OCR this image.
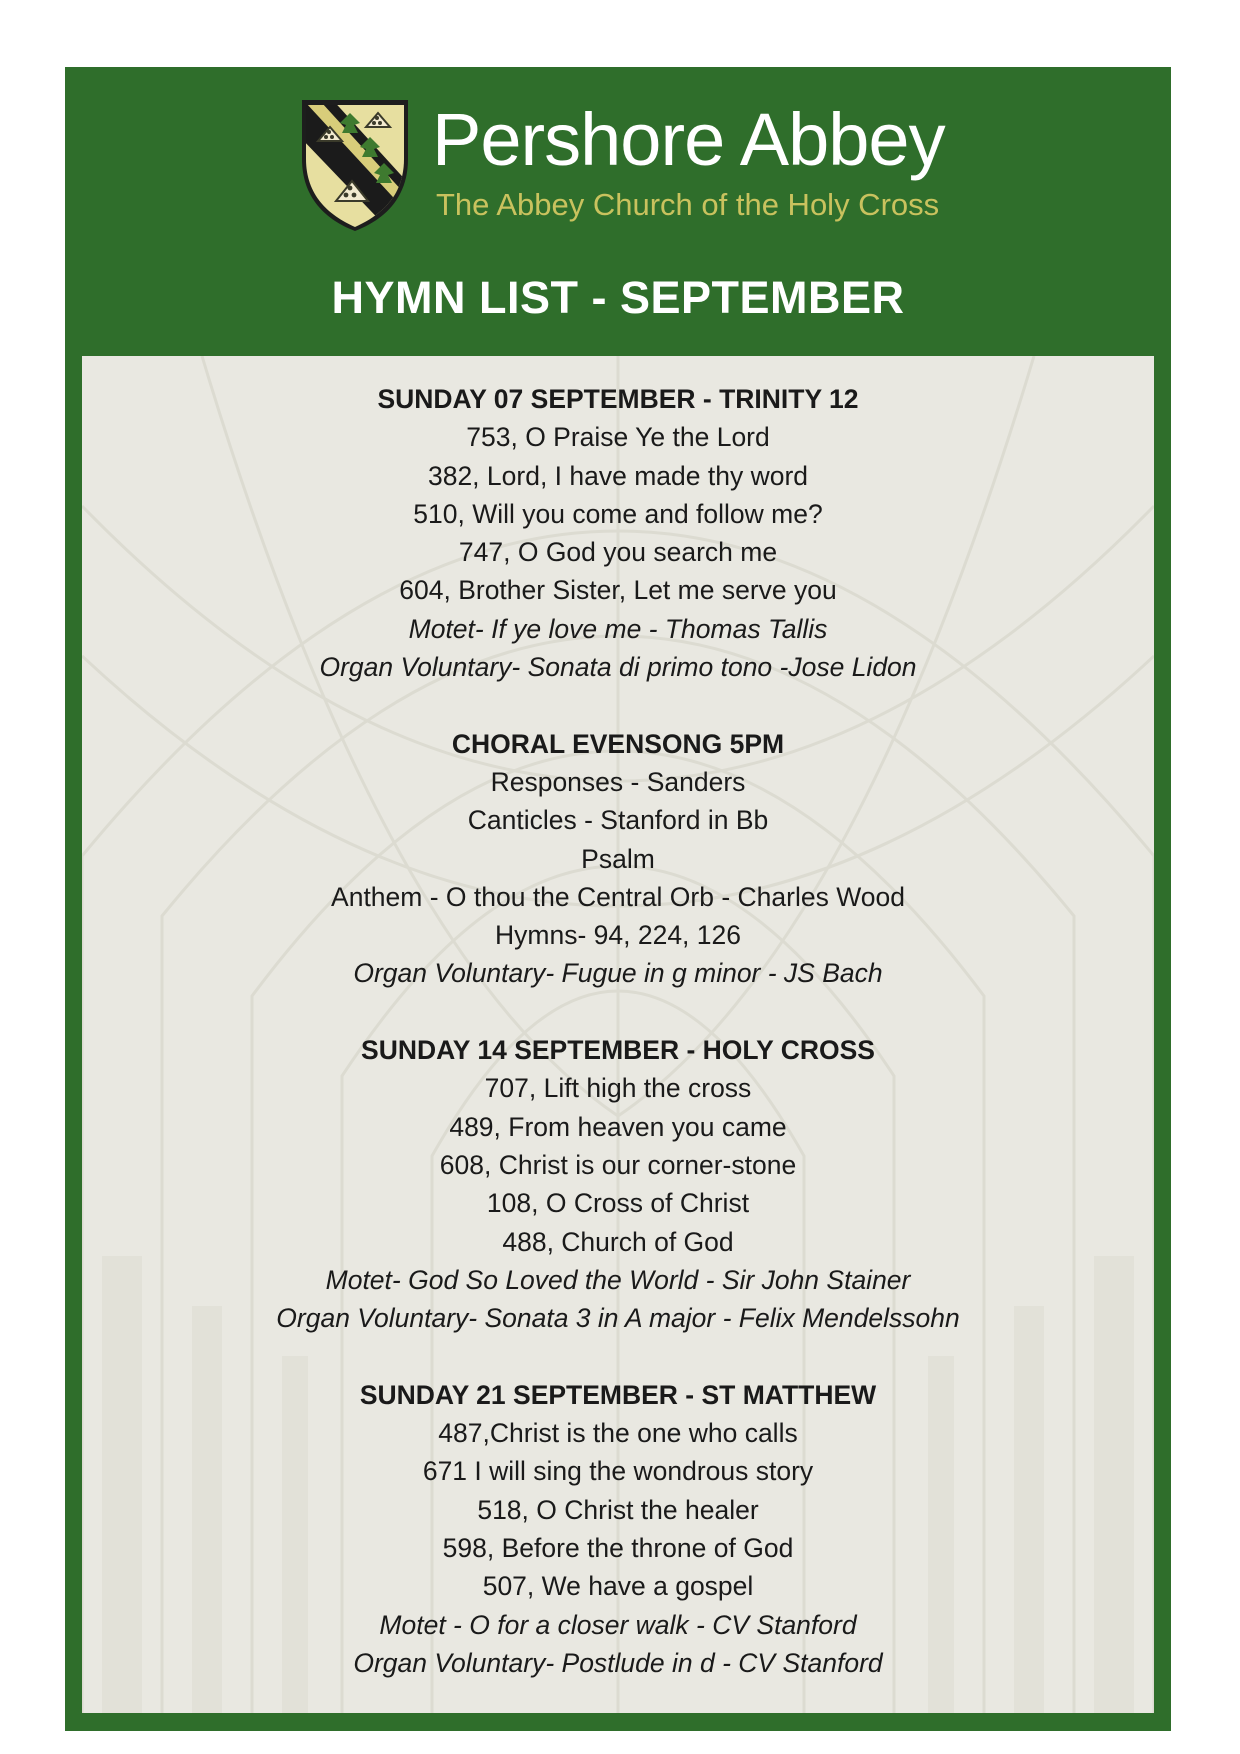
Pershore Abbey
The Abbey Church of the Holy Cross
HYMN LIST - SEPTEMBER
SUNDAY 07 SEPTEMBER - TRINITY 12
753, O Praise Ye the Lord
382, Lord, I have made thy word
510, Will you come and follow me?
747, O God you search me
604, Brother Sister, Let me serve you
Motet- If ye love me - Thomas Tallis
Organ Voluntary- Sonata di primo tono -Jose Lidon
CHORAL EVENSONG 5PM
Responses - Sanders
Canticles - Stanford in Bb
Psalm
Anthem - O thou the Central Orb - Charles Wood
Hymns- 94, 224, 126
Organ Voluntary- Fugue in g minor - JS Bach
SUNDAY 14 SEPTEMBER - HOLY CROSS
707, Lift high the cross
489, From heaven you came
608, Christ is our corner-stone
108, O Cross of Christ
488, Church of God
Motet- God So Loved the World - Sir John Stainer
Organ Voluntary- Sonata 3 in A major - Felix Mendelssohn
SUNDAY 21 SEPTEMBER - ST MATTHEW
487,Christ is the one who calls
671 I will sing the wondrous story
518, O Christ the healer
598, Before the throne of God
507, We have a gospel
Motet - O for a closer walk - CV Stanford
Organ Voluntary- Postlude in d - CV Stanford
